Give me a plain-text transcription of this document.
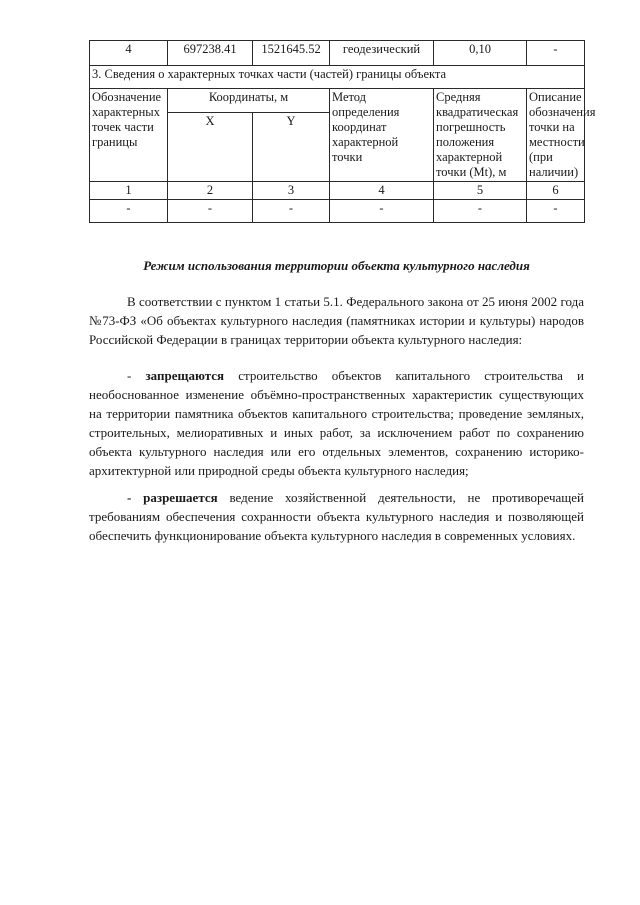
4	697238.41	1521645.52	геодезический	0,10	-
3. Сведения о характерных точках части (частей) границы объекта					
Обозначение характерных точек части границы	Координаты, м		Метод определения координат характерной точки	Средняя квадратическая погрешность положения характерной точки (Mt), м	Описание обозначения точки на местности (при наличии)
	X	Y			
1	2	3	4	5	6
-	-	-	-	-	-
Режим использования территории объекта культурного наследия

В соответствии с пунктом 1 статьи 5.1. Федерального закона от 25 июня 2002 года №73-ФЗ «Об объектах культурного наследия (памятниках истории и культуры) народов Российской Федерации в границах территории объекта культурного наследия:

- запрещаются строительство объектов капитального строительства и необоснованное изменение объёмно-пространственных характеристик существующих на территории памятника объектов капитального строительства; проведение земляных, строительных, мелиоративных и иных работ, за исключением работ по сохранению объекта культурного наследия или его отдельных элементов, сохранению историко-архитектурной или природной среды объекта культурного наследия;

- разрешается ведение хозяйственной деятельности, не противоречащей требованиям обеспечения сохранности объекта культурного наследия и позволяющей обеспечить функционирование объекта культурного наследия в современных условиях.
